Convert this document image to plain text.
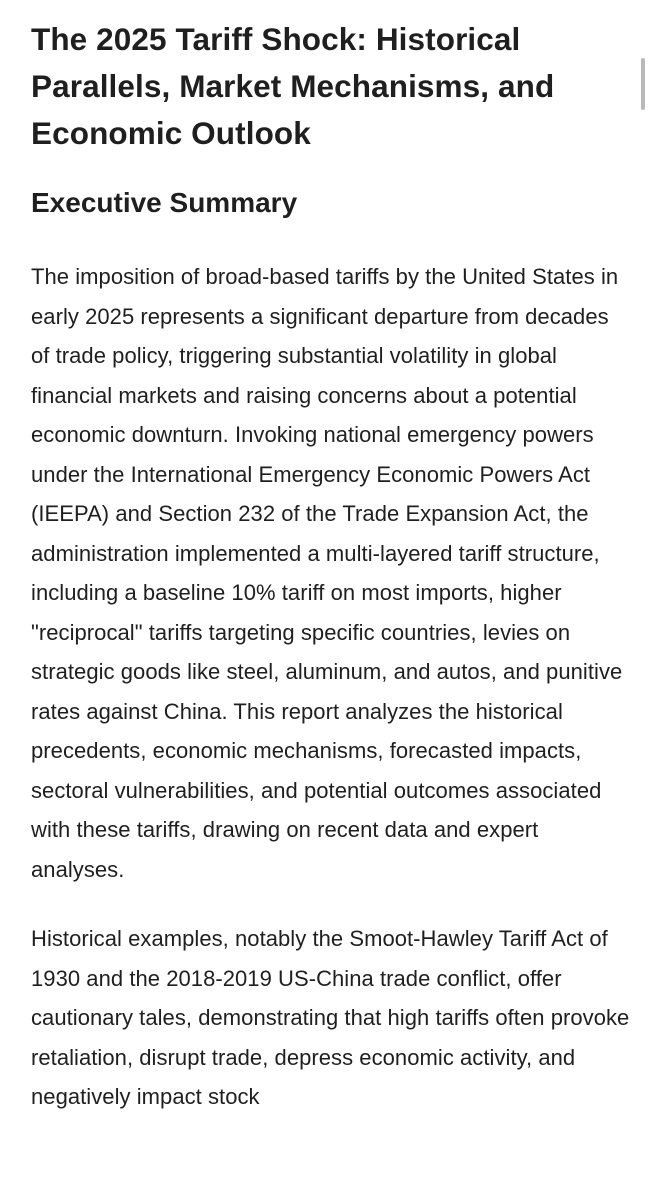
The 2025 Tariff Shock: Historical Parallels, Market Mechanisms, and Economic Outlook
Executive Summary

The imposition of broad-based tariffs by the United States in early 2025 represents a significant departure from decades of trade policy, triggering substantial volatility in global financial markets and raising concerns about a potential economic downturn. Invoking national emergency powers under the International Emergency Economic Powers Act (IEEPA) and Section 232 of the Trade Expansion Act, the administration implemented a multi-layered tariff structure, including a baseline 10% tariff on most imports, higher "reciprocal" tariffs targeting specific countries, levies on strategic goods like steel, aluminum, and autos, and punitive rates against China. This report analyzes the historical precedents, economic mechanisms, forecasted impacts, sectoral vulnerabilities, and potential outcomes associated with these tariffs, drawing on recent data and expert analyses.

Historical examples, notably the Smoot-Hawley Tariff Act of 1930 and the 2018-2019 US-China trade conflict, offer cautionary tales, demonstrating that high tariffs often provoke retaliation, disrupt trade, depress economic activity, and negatively impact stock
